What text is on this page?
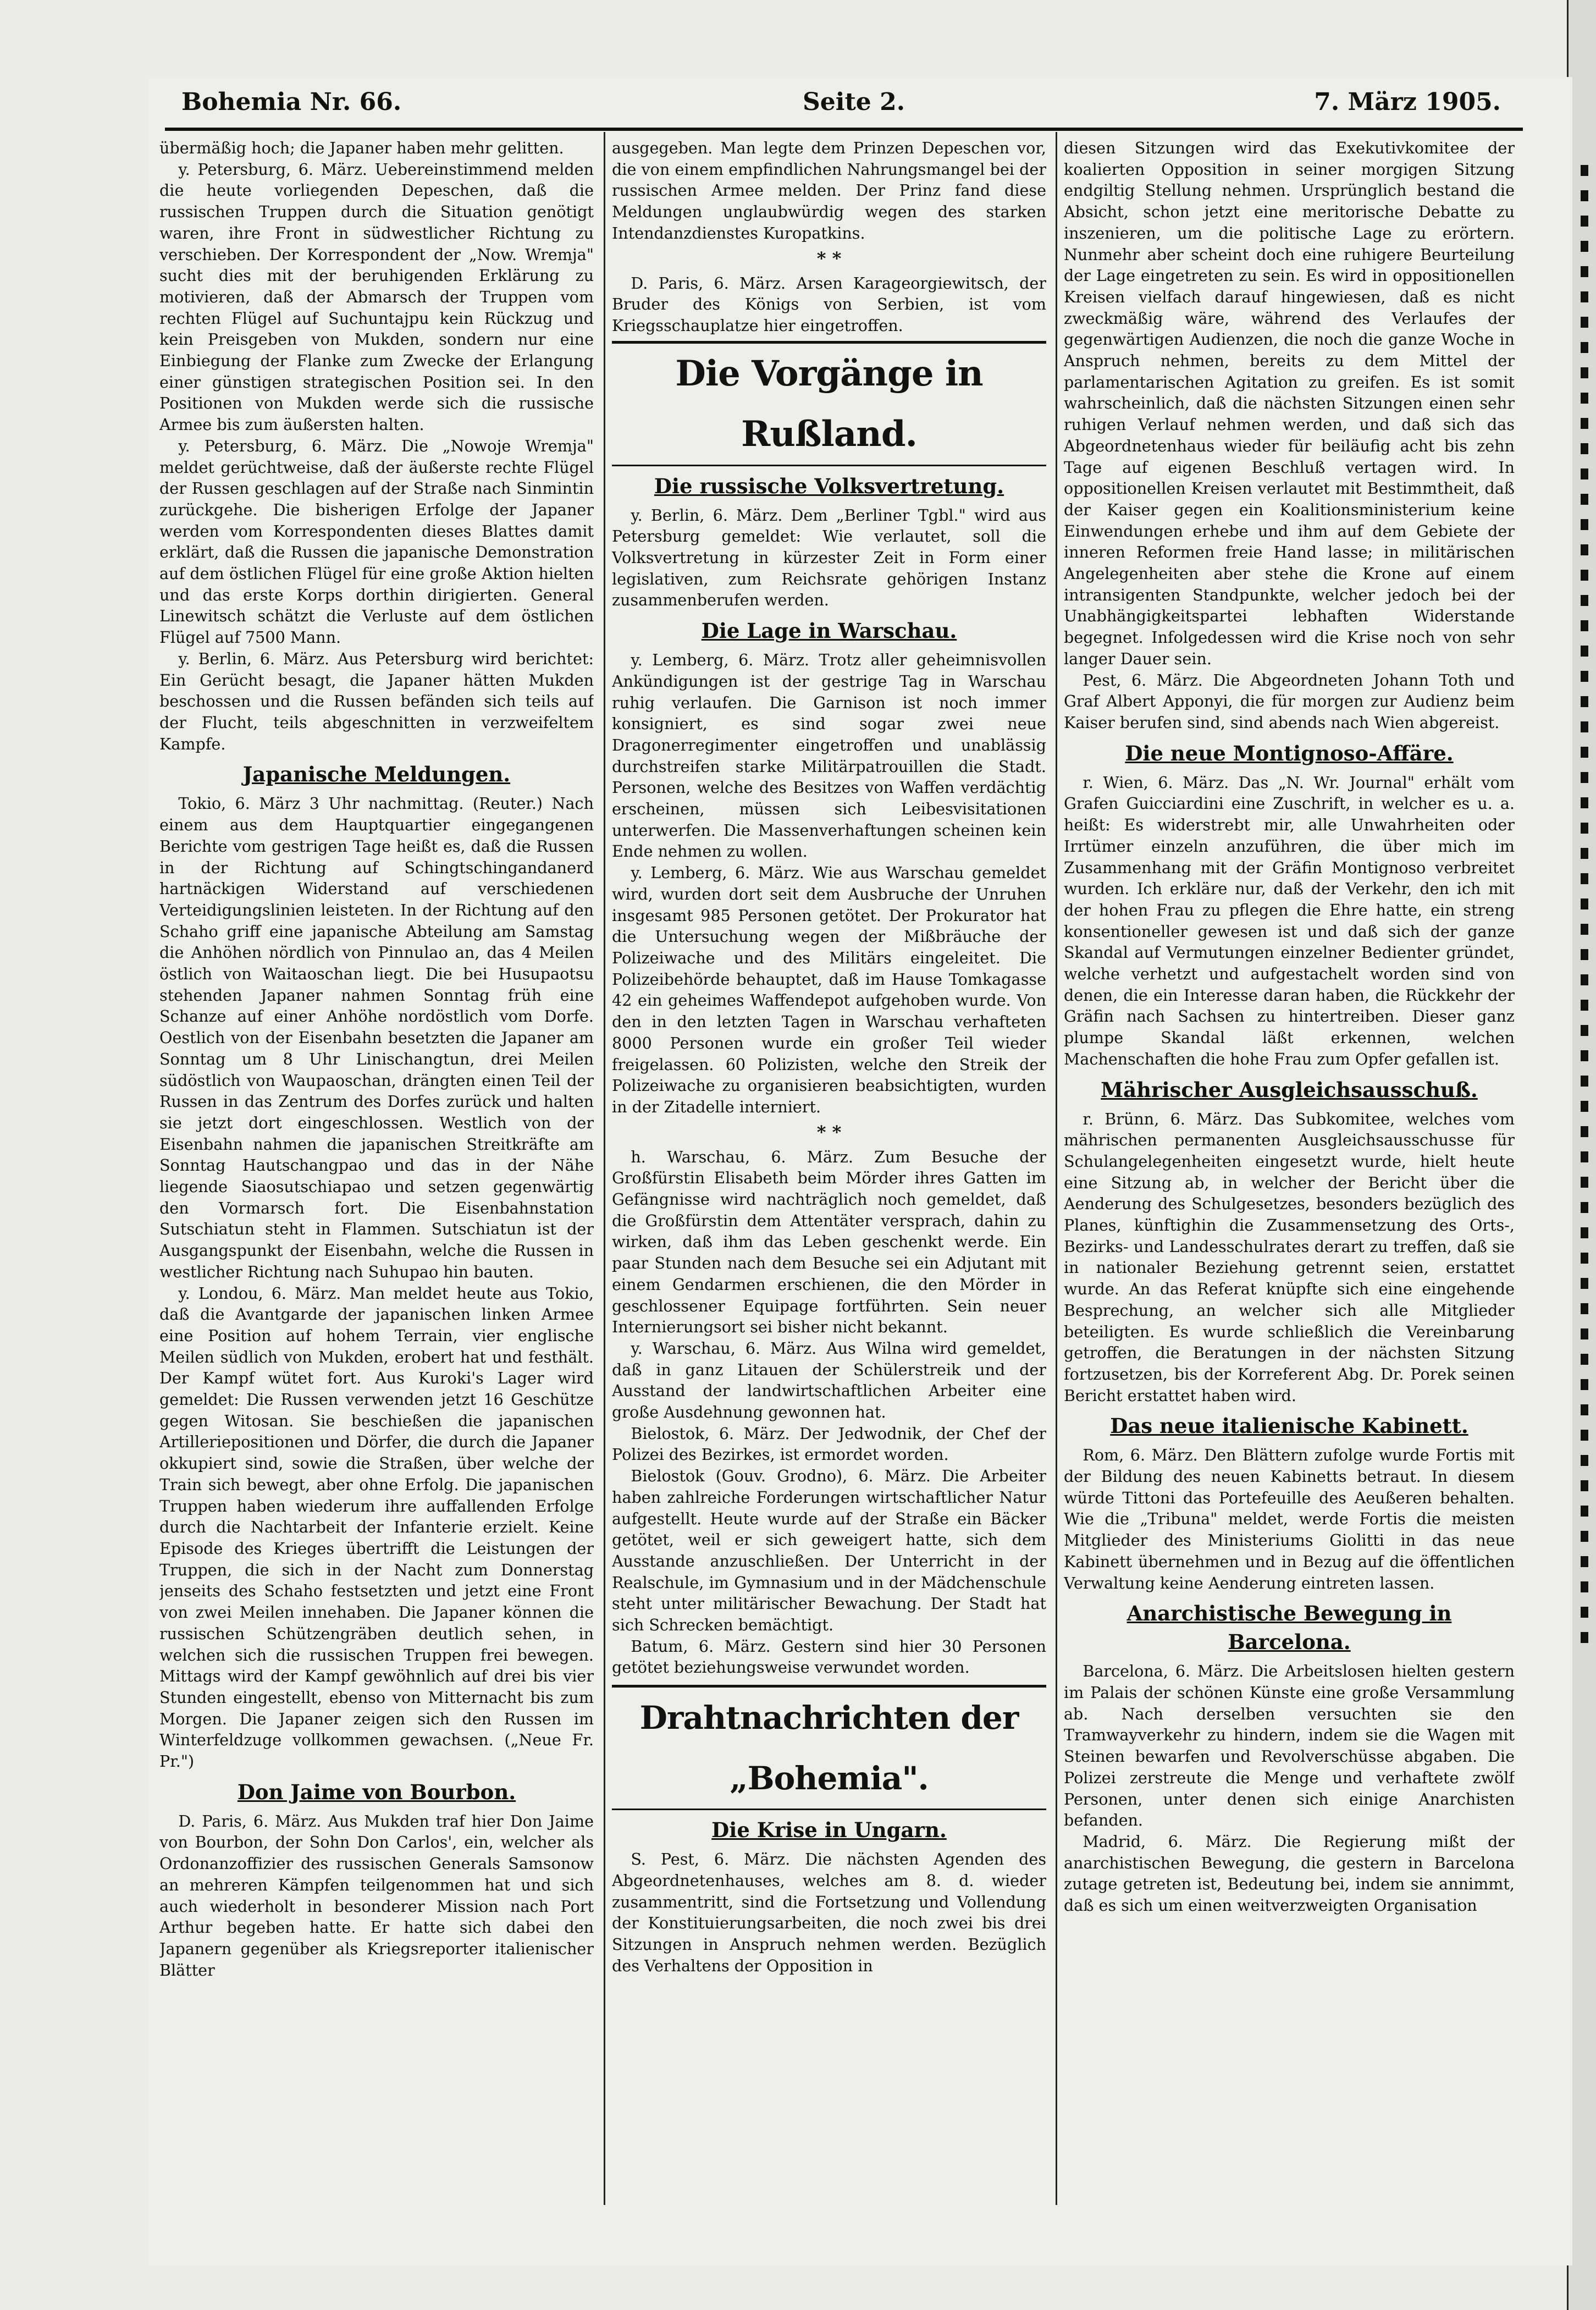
Bohemia Nr. 66.	Seite 2.	7. März 1905.

übermäßig hoch; die Japaner haben mehr gelitten.

y. Petersburg, 6. März. Uebereinstimmend melden die heute vorliegenden Depeschen, daß die russischen Truppen durch die Situation genötigt waren, ihre Front in südwestlicher Richtung zu verschieben. Der Korrespondent der „Now. Wremja" sucht dies mit der beruhigenden Erklärung zu motivieren, daß der Abmarsch der Truppen vom rechten Flügel auf Suchuntajpu kein Rückzug und kein Preisgeben von Mukden, sondern nur eine Einbiegung der Flanke zum Zwecke der Erlangung einer günstigen strategischen Position sei. In den Positionen von Mukden werde sich die russische Armee bis zum äußersten halten.

y. Petersburg, 6. März. Die „Nowoje Wremja" meldet gerüchtweise, daß der äußerste rechte Flügel der Russen geschlagen auf der Straße nach Sinmintin zurückgehe. Die bisherigen Erfolge der Japaner werden vom Korrespondenten dieses Blattes damit erklärt, daß die Russen die japanische Demonstration auf dem östlichen Flügel für eine große Aktion hielten und das erste Korps dorthin dirigierten. General Linewitsch schätzt die Verluste auf dem östlichen Flügel auf 7500 Mann.

y. Berlin, 6. März. Aus Petersburg wird berichtet: Ein Gerücht besagt, die Japaner hätten Mukden beschossen und die Russen befänden sich teils auf der Flucht, teils abgeschnitten in verzweifeltem Kampfe.

Japanische Meldungen.

Tokio, 6. März 3 Uhr nachmittag. (Reuter.) Nach einem aus dem Hauptquartier eingegangenen Berichte vom gestrigen Tage heißt es, daß die Russen in der Richtung auf Schingtschingandanerd hartnäckigen Widerstand auf verschiedenen Verteidigungslinien leisteten. In der Richtung auf den Schaho griff eine japanische Abteilung am Samstag die Anhöhen nördlich von Pinnulao an, das 4 Meilen östlich von Waitaoschan liegt. Die bei Husupaotsu stehenden Japaner nahmen Sonntag früh eine Schanze auf einer Anhöhe nordöstlich vom Dorfe. Oestlich von der Eisenbahn besetzten die Japaner am Sonntag um 8 Uhr Linischangtun, drei Meilen südöstlich von Waupaoschan, drängten einen Teil der Russen in das Zentrum des Dorfes zurück und halten sie jetzt dort eingeschlossen. Westlich von der Eisenbahn nahmen die japanischen Streitkräfte am Sonntag Hautschangpao und das in der Nähe liegende Siaosutschiapao und setzen gegenwärtig den Vormarsch fort. Die Eisenbahnstation Sutschiatun steht in Flammen. Sutschiatun ist der Ausgangspunkt der Eisenbahn, welche die Russen in westlicher Richtung nach Suhupao hin bauten.

y. Londou, 6. März. Man meldet heute aus Tokio, daß die Avantgarde der japanischen linken Armee eine Position auf hohem Terrain, vier englische Meilen südlich von Mukden, erobert hat und festhält. Der Kampf wütet fort. Aus Kuroki's Lager wird gemeldet: Die Russen verwenden jetzt 16 Geschütze gegen Witosan. Sie beschießen die japanischen Artilleriepositionen und Dörfer, die durch die Japaner okkupiert sind, sowie die Straßen, über welche der Train sich bewegt, aber ohne Erfolg. Die japanischen Truppen haben wiederum ihre auffallenden Erfolge durch die Nachtarbeit der Infanterie erzielt. Keine Episode des Krieges übertrifft die Leistungen der Truppen, die sich in der Nacht zum Donnerstag jenseits des Schaho festsetzten und jetzt eine Front von zwei Meilen innehaben. Die Japaner können die russischen Schützengräben deutlich sehen, in welchen sich die russischen Truppen frei bewegen. Mittags wird der Kampf gewöhnlich auf drei bis vier Stunden eingestellt, ebenso von Mitternacht bis zum Morgen. Die Japaner zeigen sich den Russen im Winterfeldzuge vollkommen gewachsen. („Neue Fr. Pr.")

Don Jaime von Bourbon.

D. Paris, 6. März. Aus Mukden traf hier Don Jaime von Bourbon, der Sohn Don Carlos', ein, welcher als Ordonanzoffizier des russischen Generals Samsonow an mehreren Kämpfen teilgenommen hat und sich auch wiederholt in besonderer Mission nach Port Arthur begeben hatte. Er hatte sich dabei den Japanern gegenüber als Kriegsreporter italienischer Blätter

ausgegeben. Man legte dem Prinzen Depeschen vor, die von einem empfindlichen Nahrungsmangel bei der russischen Armee melden. Der Prinz fand diese Meldungen unglaubwürdig wegen des starken Intendanzdienstes Kuropatkins.

* *

D. Paris, 6. März. Arsen Karageorgiewitsch, der Bruder des Königs von Serbien, ist vom Kriegsschauplatze hier eingetroffen.

Die Vorgänge in Rußland.
Die russische Volksvertretung.

y. Berlin, 6. März. Dem „Berliner Tgbl." wird aus Petersburg gemeldet: Wie verlautet, soll die Volksvertretung in kürzester Zeit in Form einer legislativen, zum Reichsrate gehörigen Instanz zusammenberufen werden.

Die Lage in Warschau.

y. Lemberg, 6. März. Trotz aller geheimnisvollen Ankündigungen ist der gestrige Tag in Warschau ruhig verlaufen. Die Garnison ist noch immer konsigniert, es sind sogar zwei neue Dragonerregimenter eingetroffen und unablässig durchstreifen starke Militärpatrouillen die Stadt. Personen, welche des Besitzes von Waffen verdächtig erscheinen, müssen sich Leibesvisitationen unterwerfen. Die Massenverhaftungen scheinen kein Ende nehmen zu wollen.

y. Lemberg, 6. März. Wie aus Warschau gemeldet wird, wurden dort seit dem Ausbruche der Unruhen insgesamt 985 Personen getötet. Der Prokurator hat die Untersuchung wegen der Mißbräuche der Polizeiwache und des Militärs eingeleitet. Die Polizeibehörde behauptet, daß im Hause Tomkagasse 42 ein geheimes Waffendepot aufgehoben wurde. Von den in den letzten Tagen in Warschau verhafteten 8000 Personen wurde ein großer Teil wieder freigelassen. 60 Polizisten, welche den Streik der Polizeiwache zu organisieren beabsichtigten, wurden in der Zitadelle interniert.

* *

h. Warschau, 6. März. Zum Besuche der Großfürstin Elisabeth beim Mörder ihres Gatten im Gefängnisse wird nachträglich noch gemeldet, daß die Großfürstin dem Attentäter versprach, dahin zu wirken, daß ihm das Leben geschenkt werde. Ein paar Stunden nach dem Besuche sei ein Adjutant mit einem Gendarmen erschienen, die den Mörder in geschlossener Equipage fortführten. Sein neuer Internierungsort sei bisher nicht bekannt.

y. Warschau, 6. März. Aus Wilna wird gemeldet, daß in ganz Litauen der Schülerstreik und der Ausstand der landwirtschaftlichen Arbeiter eine große Ausdehnung gewonnen hat.

Bielostok, 6. März. Der Jedwodnik, der Chef der Polizei des Bezirkes, ist ermordet worden.

Bielostok (Gouv. Grodno), 6. März. Die Arbeiter haben zahlreiche Forderungen wirtschaftlicher Natur aufgestellt. Heute wurde auf der Straße ein Bäcker getötet, weil er sich geweigert hatte, sich dem Ausstande anzuschließen. Der Unterricht in der Realschule, im Gymnasium und in der Mädchenschule steht unter militärischer Bewachung. Der Stadt hat sich Schrecken bemächtigt.

Batum, 6. März. Gestern sind hier 30 Personen getötet beziehungsweise verwundet worden.

Drahtnachrichten der „Bohemia".
Die Krise in Ungarn.

S. Pest, 6. März. Die nächsten Agenden des Abgeordnetenhauses, welches am 8. d. wieder zusammentritt, sind die Fortsetzung und Vollendung der Konstituierungsarbeiten, die noch zwei bis drei Sitzungen in Anspruch nehmen werden. Bezüglich des Verhaltens der Opposition in

diesen Sitzungen wird das Exekutivkomitee der koalierten Opposition in seiner morgigen Sitzung endgiltig Stellung nehmen. Ursprünglich bestand die Absicht, schon jetzt eine meritorische Debatte zu inszenieren, um die politische Lage zu erörtern. Nunmehr aber scheint doch eine ruhigere Beurteilung der Lage eingetreten zu sein. Es wird in oppositionellen Kreisen vielfach darauf hingewiesen, daß es nicht zweckmäßig wäre, während des Verlaufes der gegenwärtigen Audienzen, die noch die ganze Woche in Anspruch nehmen, bereits zu dem Mittel der parlamentarischen Agitation zu greifen. Es ist somit wahrscheinlich, daß die nächsten Sitzungen einen sehr ruhigen Verlauf nehmen werden, und daß sich das Abgeordnetenhaus wieder für beiläufig acht bis zehn Tage auf eigenen Beschluß vertagen wird. In oppositionellen Kreisen verlautet mit Bestimmtheit, daß der Kaiser gegen ein Koalitionsministerium keine Einwendungen erhebe und ihm auf dem Gebiete der inneren Reformen freie Hand lasse; in militärischen Angelegenheiten aber stehe die Krone auf einem intransigenten Standpunkte, welcher jedoch bei der Unabhängigkeitspartei lebhaften Widerstande begegnet. Infolgedessen wird die Krise noch von sehr langer Dauer sein.

Pest, 6. März. Die Abgeordneten Johann Toth und Graf Albert Apponyi, die für morgen zur Audienz beim Kaiser berufen sind, sind abends nach Wien abgereist.

Die neue Montignoso-Affäre.

r. Wien, 6. März. Das „N. Wr. Journal" erhält vom Grafen Guicciardini eine Zuschrift, in welcher es u. a. heißt: Es widerstrebt mir, alle Unwahrheiten oder Irrtümer einzeln anzuführen, die über mich im Zusammenhang mit der Gräfin Montignoso verbreitet wurden. Ich erkläre nur, daß der Verkehr, den ich mit der hohen Frau zu pflegen die Ehre hatte, ein streng konsentioneller gewesen ist und daß sich der ganze Skandal auf Vermutungen einzelner Bedienter gründet, welche verhetzt und aufgestachelt worden sind von denen, die ein Interesse daran haben, die Rückkehr der Gräfin nach Sachsen zu hintertreiben. Dieser ganz plumpe Skandal läßt erkennen, welchen Machenschaften die hohe Frau zum Opfer gefallen ist.

Mährischer Ausgleichsausschuß.

r. Brünn, 6. März. Das Subkomitee, welches vom mährischen permanenten Ausgleichsausschusse für Schulangelegenheiten eingesetzt wurde, hielt heute eine Sitzung ab, in welcher der Bericht über die Aenderung des Schulgesetzes, besonders bezüglich des Planes, künftighin die Zusammensetzung des Orts-, Bezirks- und Landesschulrates derart zu treffen, daß sie in nationaler Beziehung getrennt seien, erstattet wurde. An das Referat knüpfte sich eine eingehende Besprechung, an welcher sich alle Mitglieder beteiligten. Es wurde schließlich die Vereinbarung getroffen, die Beratungen in der nächsten Sitzung fortzusetzen, bis der Korreferent Abg. Dr. Porek seinen Bericht erstattet haben wird.

Das neue italienische Kabinett.

Rom, 6. März. Den Blättern zufolge wurde Fortis mit der Bildung des neuen Kabinetts betraut. In diesem würde Tittoni das Portefeuille des Aeußeren behalten. Wie die „Tribuna" meldet, werde Fortis die meisten Mitglieder des Ministeriums Giolitti in das neue Kabinett übernehmen und in Bezug auf die öffentlichen Verwaltung keine Aenderung eintreten lassen.

Anarchistische Bewegung in Barcelona.

Barcelona, 6. März. Die Arbeitslosen hielten gestern im Palais der schönen Künste eine große Versammlung ab. Nach derselben versuchten sie den Tramwayverkehr zu hindern, indem sie die Wagen mit Steinen bewarfen und Revolverschüsse abgaben. Die Polizei zerstreute die Menge und verhaftete zwölf Personen, unter denen sich einige Anarchisten befanden.

Madrid, 6. März. Die Regierung mißt der anarchistischen Bewegung, die gestern in Barcelona zutage getreten ist, Bedeutung bei, indem sie annimmt, daß es sich um einen weitverzweigten Organisation
